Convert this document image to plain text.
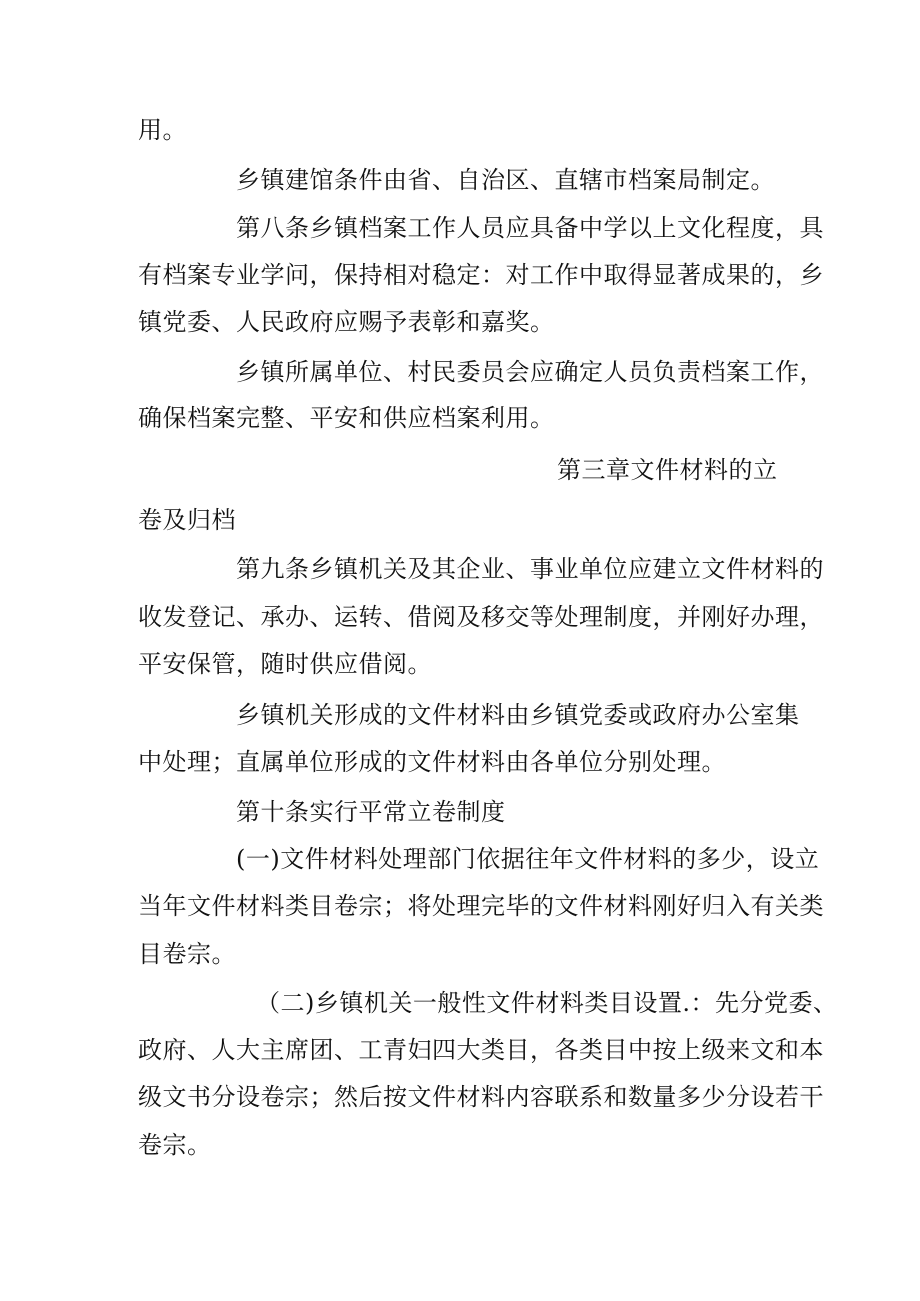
用。
乡镇建馆条件由省、自治区、直辖市档案局制定。
第八条乡镇档案工作人员应具备中学以上文化程度，具
有档案专业学问，保持相对稳定：对工作中取得显著成果的，乡
镇党委、人民政府应赐予表彰和嘉奖。
乡镇所属单位、村民委员会应确定人员负责档案工作，
确保档案完整、平安和供应档案利用。
第三章文件材料的立
卷及归档
第九条乡镇机关及其企业、事业单位应建立文件材料的
收发登记、承办、运转、借阅及移交等处理制度，并刚好办理，
平安保管，随时供应借阅。
乡镇机关形成的文件材料由乡镇党委或政府办公室集
中处理；直属单位形成的文件材料由各单位分别处理。
第十条实行平常立卷制度
(一)文件材料处理部门依据往年文件材料的多少，设立
当年文件材料类目卷宗；将处理完毕的文件材料刚好归入有关类
目卷宗。
（二)乡镇机关一般性文件材料类目设置.：先分党委、
政府、人大主席团、工青妇四大类目，各类目中按上级来文和本
级文书分设卷宗；然后按文件材料内容联系和数量多少分设若干
卷宗。
